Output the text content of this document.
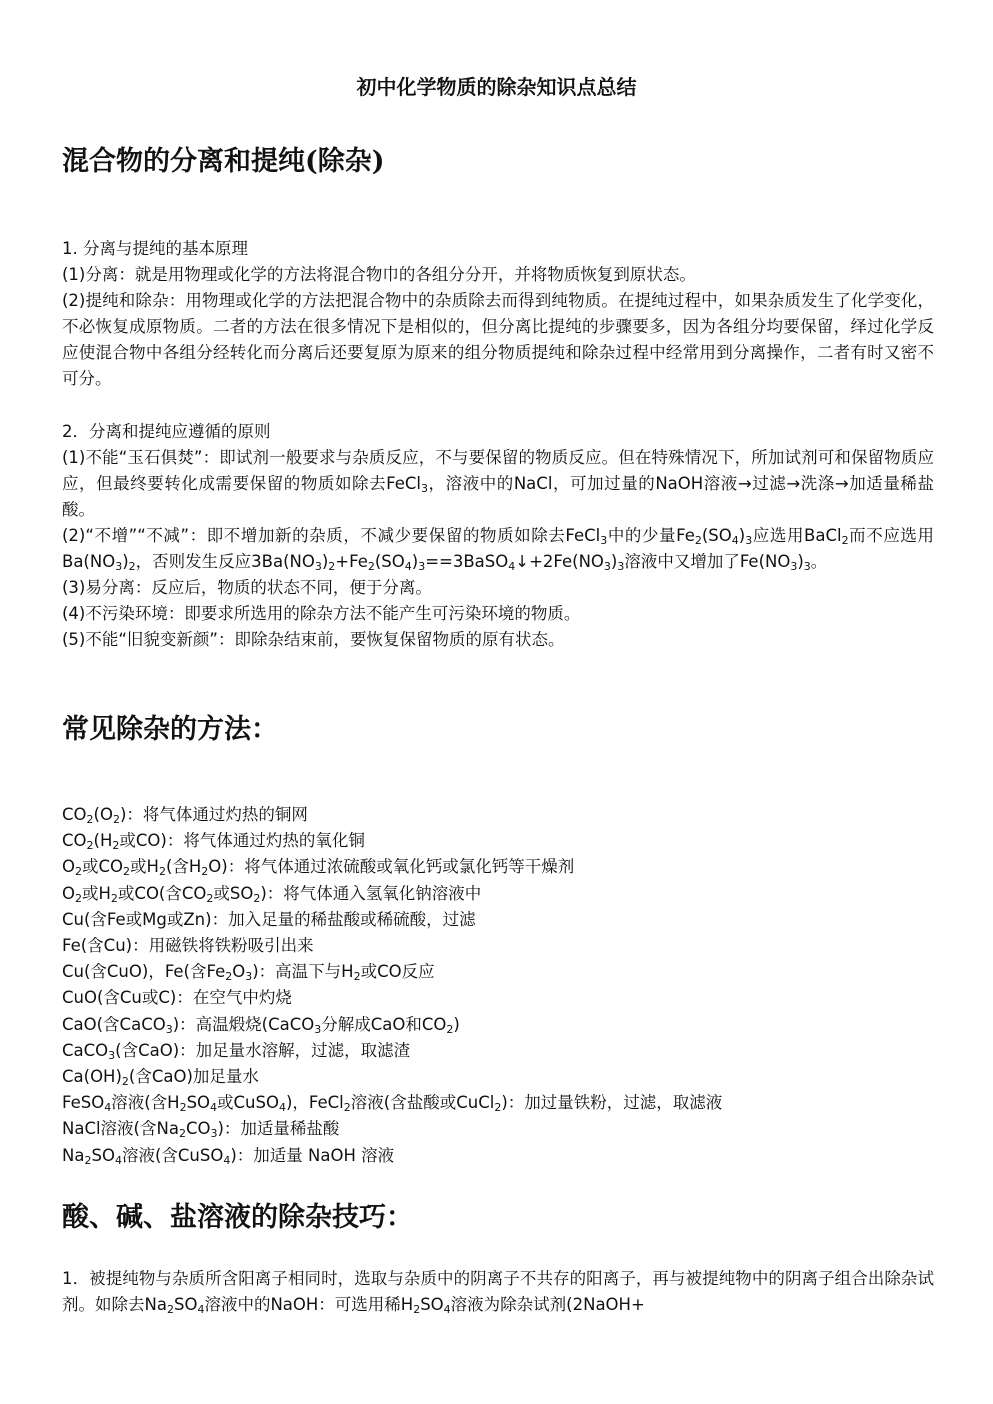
初中化学物质的除杂知识点总结
混合物的分离和提纯(除杂)

1. 分离与提纯的基本原理

(1)分离：就是用物理或化学的方法将混合物巾的各组分分开，并将物质恢复到原状态。

(2)提纯和除杂：用物理或化学的方法把混合物中的杂质除去而得到纯物质。在提纯过程中，如果杂质发生了化学变化，不必恢复成原物质。二者的方法在很多情况下是相似的，但分离比提纯的步骤要多，因为各组分均要保留，绎过化学反应使混合物中各组分经转化而分离后还要复原为原来的组分物质提纯和除杂过程中经常用到分离操作，二者有时又密不可分。

2．分离和提纯应遵循的原则

(1)不能“玉石俱焚”：即试剂一般要求与杂质反应，不与要保留的物质反应。但在特殊情况下，所加试剂可和保留物质应应，但最终要转化成需要保留的物质如除去FeCl$_3$，溶液中的NaCl，可加过量的NaOH溶液→过滤→洗涤→加适量稀盐酸。

(2)“不增”“不减”：即不增加新的杂质，不减少要保留的物质如除去FeCl$_3$中的少量$Fe_2(SO_4)_3$应选用BaCl$_2$而不应选用$Ba(NO_3)_2$，否则发生反应$3Ba(NO_3)_2+Fe_2(SO_4)_3==3BaSO_4↓+2Fe(NO_3)_3$溶液中又增加了$Fe(NO_3)_3$。

(3)易分离：反应后，物质的状态不同，便于分离。

(4)不污染环境：即要求所选用的除杂方法不能产生可污染环境的物质。

(5)不能“旧貌变新颜”：即除杂结束前，要恢复保留物质的原有状态。

常见除杂的方法：

$CO_2(O_2)$：将气体通过灼热的铜网

$CO_2(H_2$或CO)：将气体通过灼热的氧化铜

$O_2$或$CO_2$或$H_2$(含$H_2O$)：将气体通过浓硫酸或氧化钙或氯化钙等干燥剂

$O_2$或$H_2$或CO(含$CO_2$或$SO_2$)：将气体通入氢氧化钠溶液中

Cu(含Fe或Mg或Zn)：加入足量的稀盐酸或稀硫酸，过滤

Fe(含Cu)：用磁铁将铁粉吸引出来

Cu(含CuO)，Fe(含$Fe_2O_3$)：高温下与$H_2$或CO反应

CuO(含Cu或C)：在空气中灼烧

CaO(含CaCO$_3$)：高温煅烧(CaCO$_3$分解成CaO和$CO_2$)

CaCO$_3$(含CaO)：加足量水溶解，过滤，取滤渣

$Ca(OH)_2$(含CaO)加足量水

FeSO$_4$溶液(含$H_2SO_4$或CuSO$_4$)，FeCl$_2$溶液(含盐酸或CuCl$_2$)：加过量铁粉，过滤，取滤液

NaCl溶液(含$Na_2CO_3$)：加适量稀盐酸

$Na_2SO_4$溶液(含CuSO$_4$)：加适量 NaOH 溶液

酸、碱、盐溶液的除杂技巧：

1．被提纯物与杂质所含阳离子相同时，选取与杂质中的阴离子不共存的阳离子，再与被提纯物中的阴离子组合出除杂试剂。如除去$Na_2SO_4$溶液中的NaOH：可选用稀$H_2SO_4$溶液为除杂试剂(2NaOH+
